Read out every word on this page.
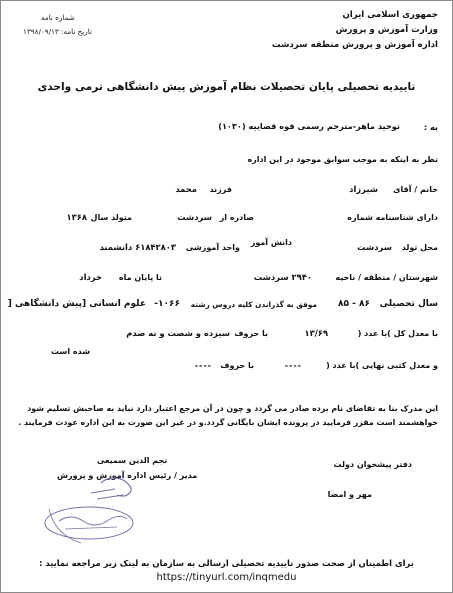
جمهوری اسلامی ایران
وزارت آموزش و پرورش
اداره آموزش و پرورش منطقه سردشت
شماره نامه
تاریخ نامه: ۱۳۹۸/۰۹/۱۳
تاییدیه تحصیلی پایان تحصیلات نظام آموزش پیش دانشگاهی ترمی واحدی
به :
توحید ماهر-مترجم رسمی قوه قضاییه (۱۰۳۰)
نظر به اینکه به موجب سوابق موجود در این اداره
خانم / آقای
شیرزاد
فرزند
محمد
دارای شناسنامه شماره
صادره از
سردشت
متولد سال
۱۳۶۸
محل تولد
سردشت
دانش آموز
واحد آموزشی
۶۱۸۴۲۸۰۳ دانشمند
شهرستان / منطقه / ناحیه
۲۹۴۰ سردشت
تا پایان ماه
خرداد
سال تحصیلی
۸۶ - ۸۵
موفق به گذراندن کلیه دروس رشته
۱۰۶۶-
علوم انسانی [پیش دانشگاهی [
با معدل کل )با عدد (
۱۳/۶۹
با حروف
سیزده و شصت و نه صدم
و معدل کتبی نهایی )با عدد (
----
با حروف
----
شده است
این مدرک بنا به تقاضای نام برده صادر می گردد و چون در آن مرجع اعتبار دارد نباید به صاحبش تسلیم شود خواهشمند است مقرر فرمایید در پرونده ایشان بایگانی گردد.و در غیر این صورت به این اداره عودت فرمایند .
دفتر پیشخوان دولت
مهر و امضا
نجم الدین سمیعی
مدیر / رئیس اداره آموزش و پرورش
برای اطمینان از صحت صدور تاییدیه تحصیلی ارسالی به سازمان به لینک زیر مراجعه نمایید :
https://tinyurl.com/inqmedu
